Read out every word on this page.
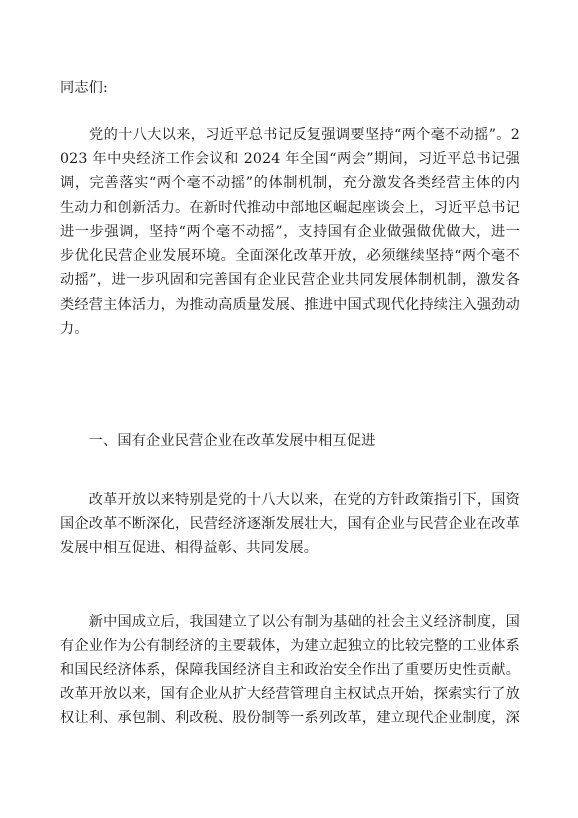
同志们:
　　党的十八大以来，习近平总书记反复强调要坚持“两个毫不动摇”。2
023 年中央经济工作会议和 2024 年全国“两会”期间，习近平总书记强
调，完善落实“两个毫不动摇”的体制机制，充分激发各类经营主体的内
生动力和创新活力。在新时代推动中部地区崛起座谈会上，习近平总书记
进一步强调，坚持“两个毫不动摇”，支持国有企业做强做优做大，进一
步优化民营企业发展环境。全面深化改革开放，必须继续坚持“两个毫不
动摇”，进一步巩固和完善国有企业民营企业共同发展体制机制，激发各
类经营主体活力，为推动高质量发展、推进中国式现代化持续注入强劲动
力。
　　一、国有企业民营企业在改革发展中相互促进
　　改革开放以来特别是党的十八大以来，在党的方针政策指引下，国资
国企改革不断深化，民营经济逐渐发展壮大，国有企业与民营企业在改革
发展中相互促进、相得益彰、共同发展。
　　新中国成立后，我国建立了以公有制为基础的社会主义经济制度，国
有企业作为公有制经济的主要载体，为建立起独立的比较完整的工业体系
和国民经济体系，保障我国经济自主和政治安全作出了重要历史性贡献。
改革开放以来，国有企业从扩大经营管理自主权试点开始，探索实行了放
权让利、承包制、利改税、股份制等一系列改革，建立现代企业制度，深
